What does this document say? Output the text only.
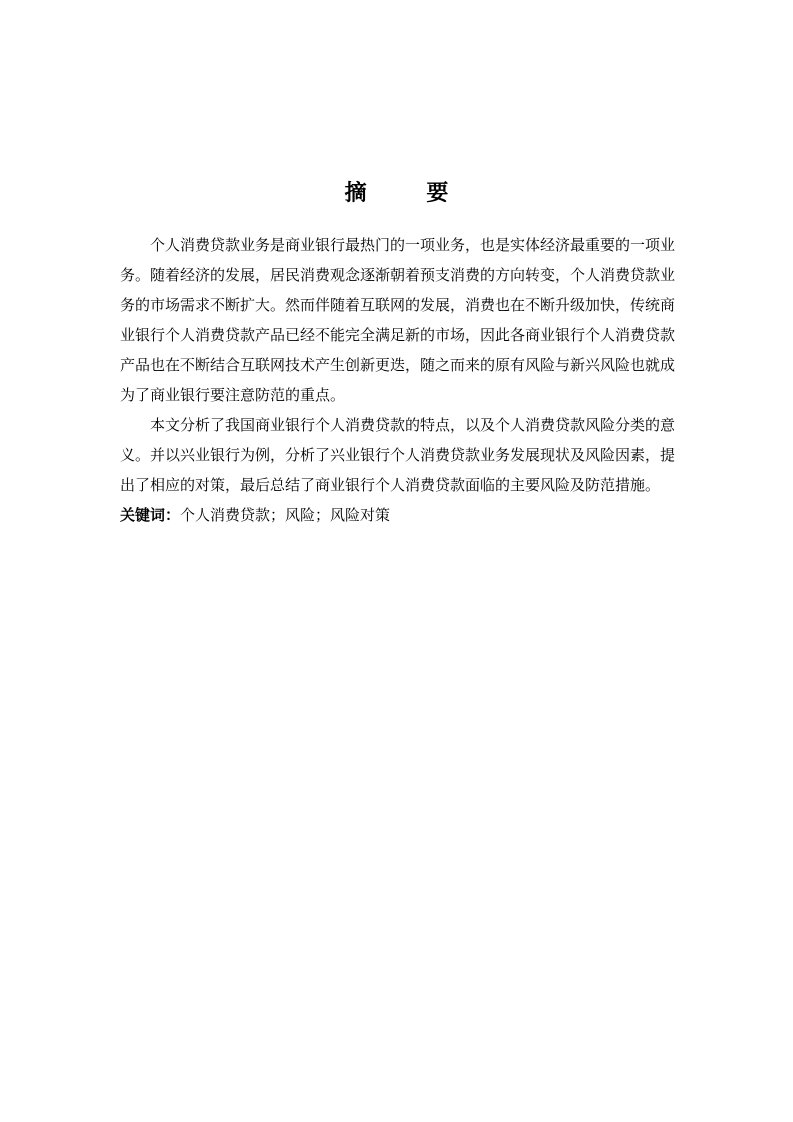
摘 要

个人消费贷款业务是商业银行最热门的一项业务，也是实体经济最重要的一项业务。随着经济的发展，居民消费观念逐渐朝着预支消费的方向转变，个人消费贷款业务的市场需求不断扩大。然而伴随着互联网的发展，消费也在不断升级加快，传统商业银行个人消费贷款产品已经不能完全满足新的市场，因此各商业银行个人消费贷款产品也在不断结合互联网技术产生创新更迭，随之而来的原有风险与新兴风险也就成为了商业银行要注意防范的重点。

本文分析了我国商业银行个人消费贷款的特点，以及个人消费贷款风险分类的意义。并以兴业银行为例，分析了兴业银行个人消费贷款业务发展现状及风险因素，提出了相应的对策，最后总结了商业银行个人消费贷款面临的主要风险及防范措施。

关键词：个人消费贷款；风险；风险对策
